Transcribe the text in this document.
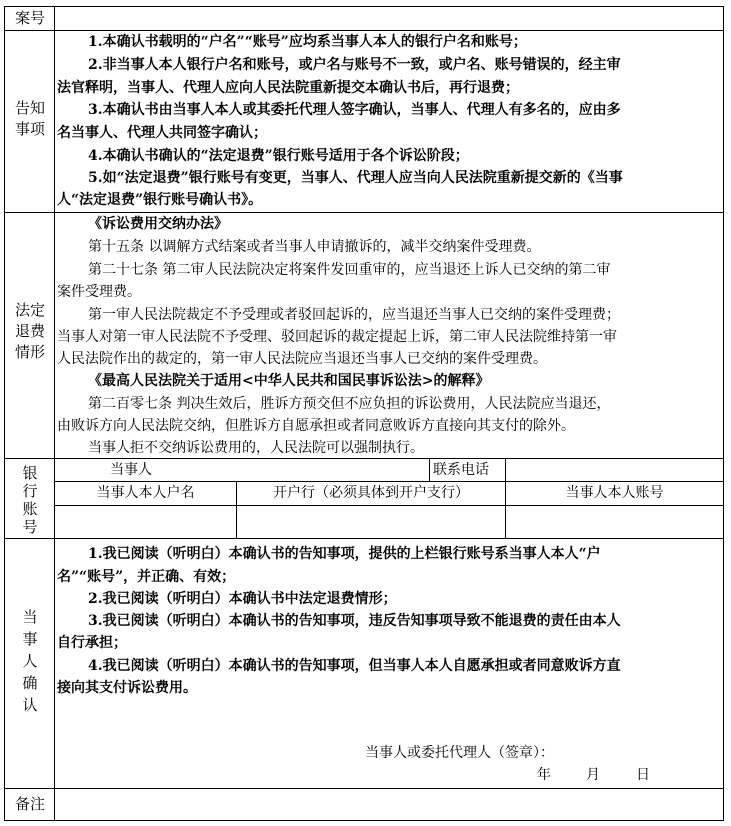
案号
告知
事项
1.本确认书载明的“户名”“账号”应均系当事人本人的银行户名和账号；
2.非当事人本人银行户名和账号，或户名与账号不一致，或户名、账号错误的，经主审
法官释明，当事人、代理人应向人民法院重新提交本确认书后，再行退费；
3.本确认书由当事人本人或其委托代理人签字确认，当事人、代理人有多名的，应由多
名当事人、代理人共同签字确认；
4.本确认书确认的“法定退费”银行账号适用于各个诉讼阶段；
5.如“法定退费”银行账号有变更，当事人、代理人应当向人民法院重新提交新的《当事
人“法定退费”银行账号确认书》。
法定
退费
情形
《诉讼费用交纳办法》
第十五条 以调解方式结案或者当事人申请撤诉的，减半交纳案件受理费。
第二十七条 第二审人民法院决定将案件发回重审的，应当退还上诉人已交纳的第二审
案件受理费。
第一审人民法院裁定不予受理或者驳回起诉的，应当退还当事人已交纳的案件受理费；
当事人对第一审人民法院不予受理、驳回起诉的裁定提起上诉，第二审人民法院维持第一审
人民法院作出的裁定的，第一审人民法院应当退还当事人已交纳的案件受理费。
《最高人民法院关于适用<中华人民共和国民事诉讼法>的解释》
第二百零七条 判决生效后，胜诉方预交但不应负担的诉讼费用，人民法院应当退还，
由败诉方向人民法院交纳，但胜诉方自愿承担或者同意败诉方直接向其支付的除外。
当事人拒不交纳诉讼费用的，人民法院可以强制执行。
银
行
账
号
当事人	联系电话
当事人本人户名	开户行（必须具体到开户支行）	当事人本人账号
当
事
人
确
认
1.我已阅读（听明白）本确认书的告知事项，提供的上栏银行账号系当事人本人“户
名”“账号”，并正确、有效；
2.我已阅读（听明白）本确认书中法定退费情形；
3.我已阅读（听明白）本确认书的告知事项，违反告知事项导致不能退费的责任由本人
自行承担；
4.我已阅读（听明白）本确认书的告知事项，但当事人本人自愿承担或者同意败诉方直
接向其支付诉讼费用。
当事人或委托代理人（签章）：
年	月	日
备注
